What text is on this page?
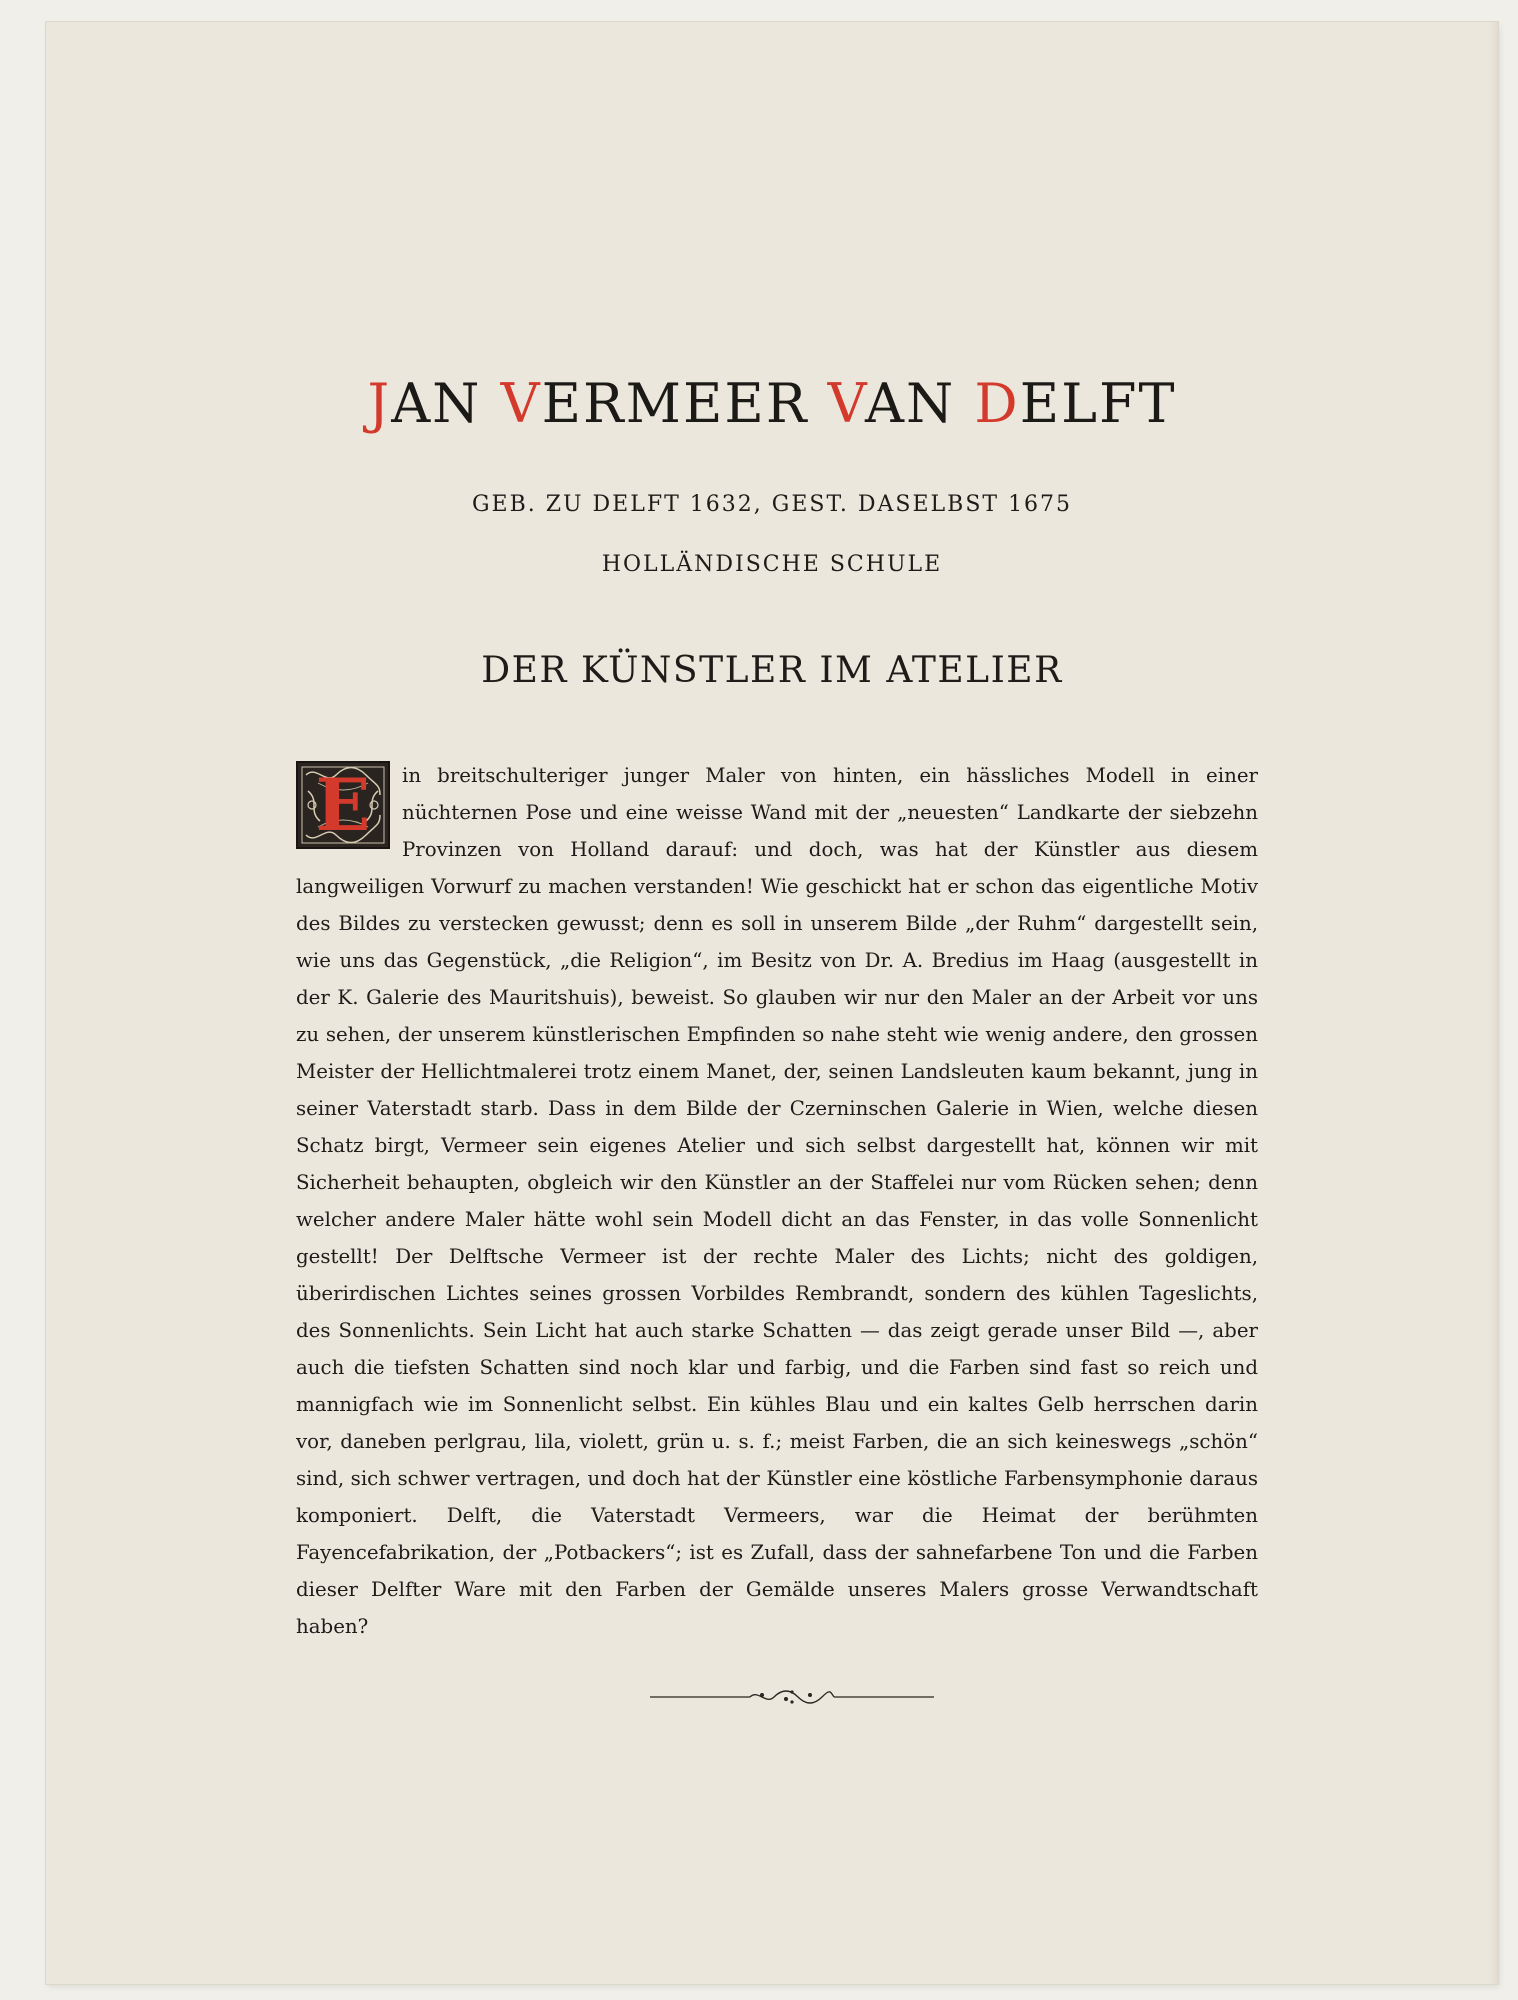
JAN VERMEER VAN DELFT

GEB. ZU DELFT 1632, GEST. DASELBST 1675

HOLLÄNDISCHE SCHULE

DER KÜNSTLER IM ATELIER
E	in breitschulteriger junger Maler von hinten, ein hässliches Modell in einer nüchternen Pose und eine weisse Wand mit der „neuesten“ Landkarte der siebzehn Provinzen von Holland darauf: und doch, was hat der Künstler aus diesem langweiligen Vorwurf zu machen verstanden! Wie geschickt hat er schon das eigentliche Motiv des Bildes zu verstecken gewusst; denn es soll in unserem Bilde „der Ruhm“ dargestellt sein, wie uns das Gegenstück, „die Religion“, im Besitz von Dr. A. Bredius im Haag (ausgestellt in der K. Galerie des Mauritshuis), beweist. So glauben wir nur den Maler an der Arbeit vor uns zu sehen, der unserem künstlerischen Empfinden so nahe steht wie wenig andere, den grossen Meister der Hellichtmalerei trotz einem Manet, der, seinen Landsleuten kaum bekannt, jung in seiner Vaterstadt starb. Dass in dem Bilde der Czerninschen Galerie in Wien, welche diesen Schatz birgt, Vermeer sein eigenes Atelier und sich selbst dargestellt hat, können wir mit Sicherheit behaupten, obgleich wir den Künstler an der Staffelei nur vom Rücken sehen; denn welcher andere Maler hätte wohl sein Modell dicht an das Fenster, in das volle Sonnenlicht gestellt! Der Delftsche Vermeer ist der rechte Maler des Lichts; nicht des goldigen, überirdischen Lichtes seines grossen Vorbildes Rembrandt, sondern des kühlen Tageslichts, des Sonnenlichts. Sein Licht hat auch starke Schatten — das zeigt gerade unser Bild —, aber auch die tiefsten Schatten sind noch klar und farbig, und die Farben sind fast so reich und mannigfach wie im Sonnenlicht selbst. Ein kühles Blau und ein kaltes Gelb herrschen darin vor, daneben perlgrau, lila, violett, grün u. s. f.; meist Farben, die an sich keineswegs „schön“ sind, sich schwer vertragen, und doch hat der Künstler eine köstliche Farbensymphonie daraus komponiert. Delft, die Vaterstadt Vermeers, war die Heimat der berühmten Fayencefabrikation, der „Potbackers“; ist es Zufall, dass der sahnefarbene Ton und die Farben dieser Delfter Ware mit den Farben der Gemälde unseres Malers grosse Verwandtschaft haben?
